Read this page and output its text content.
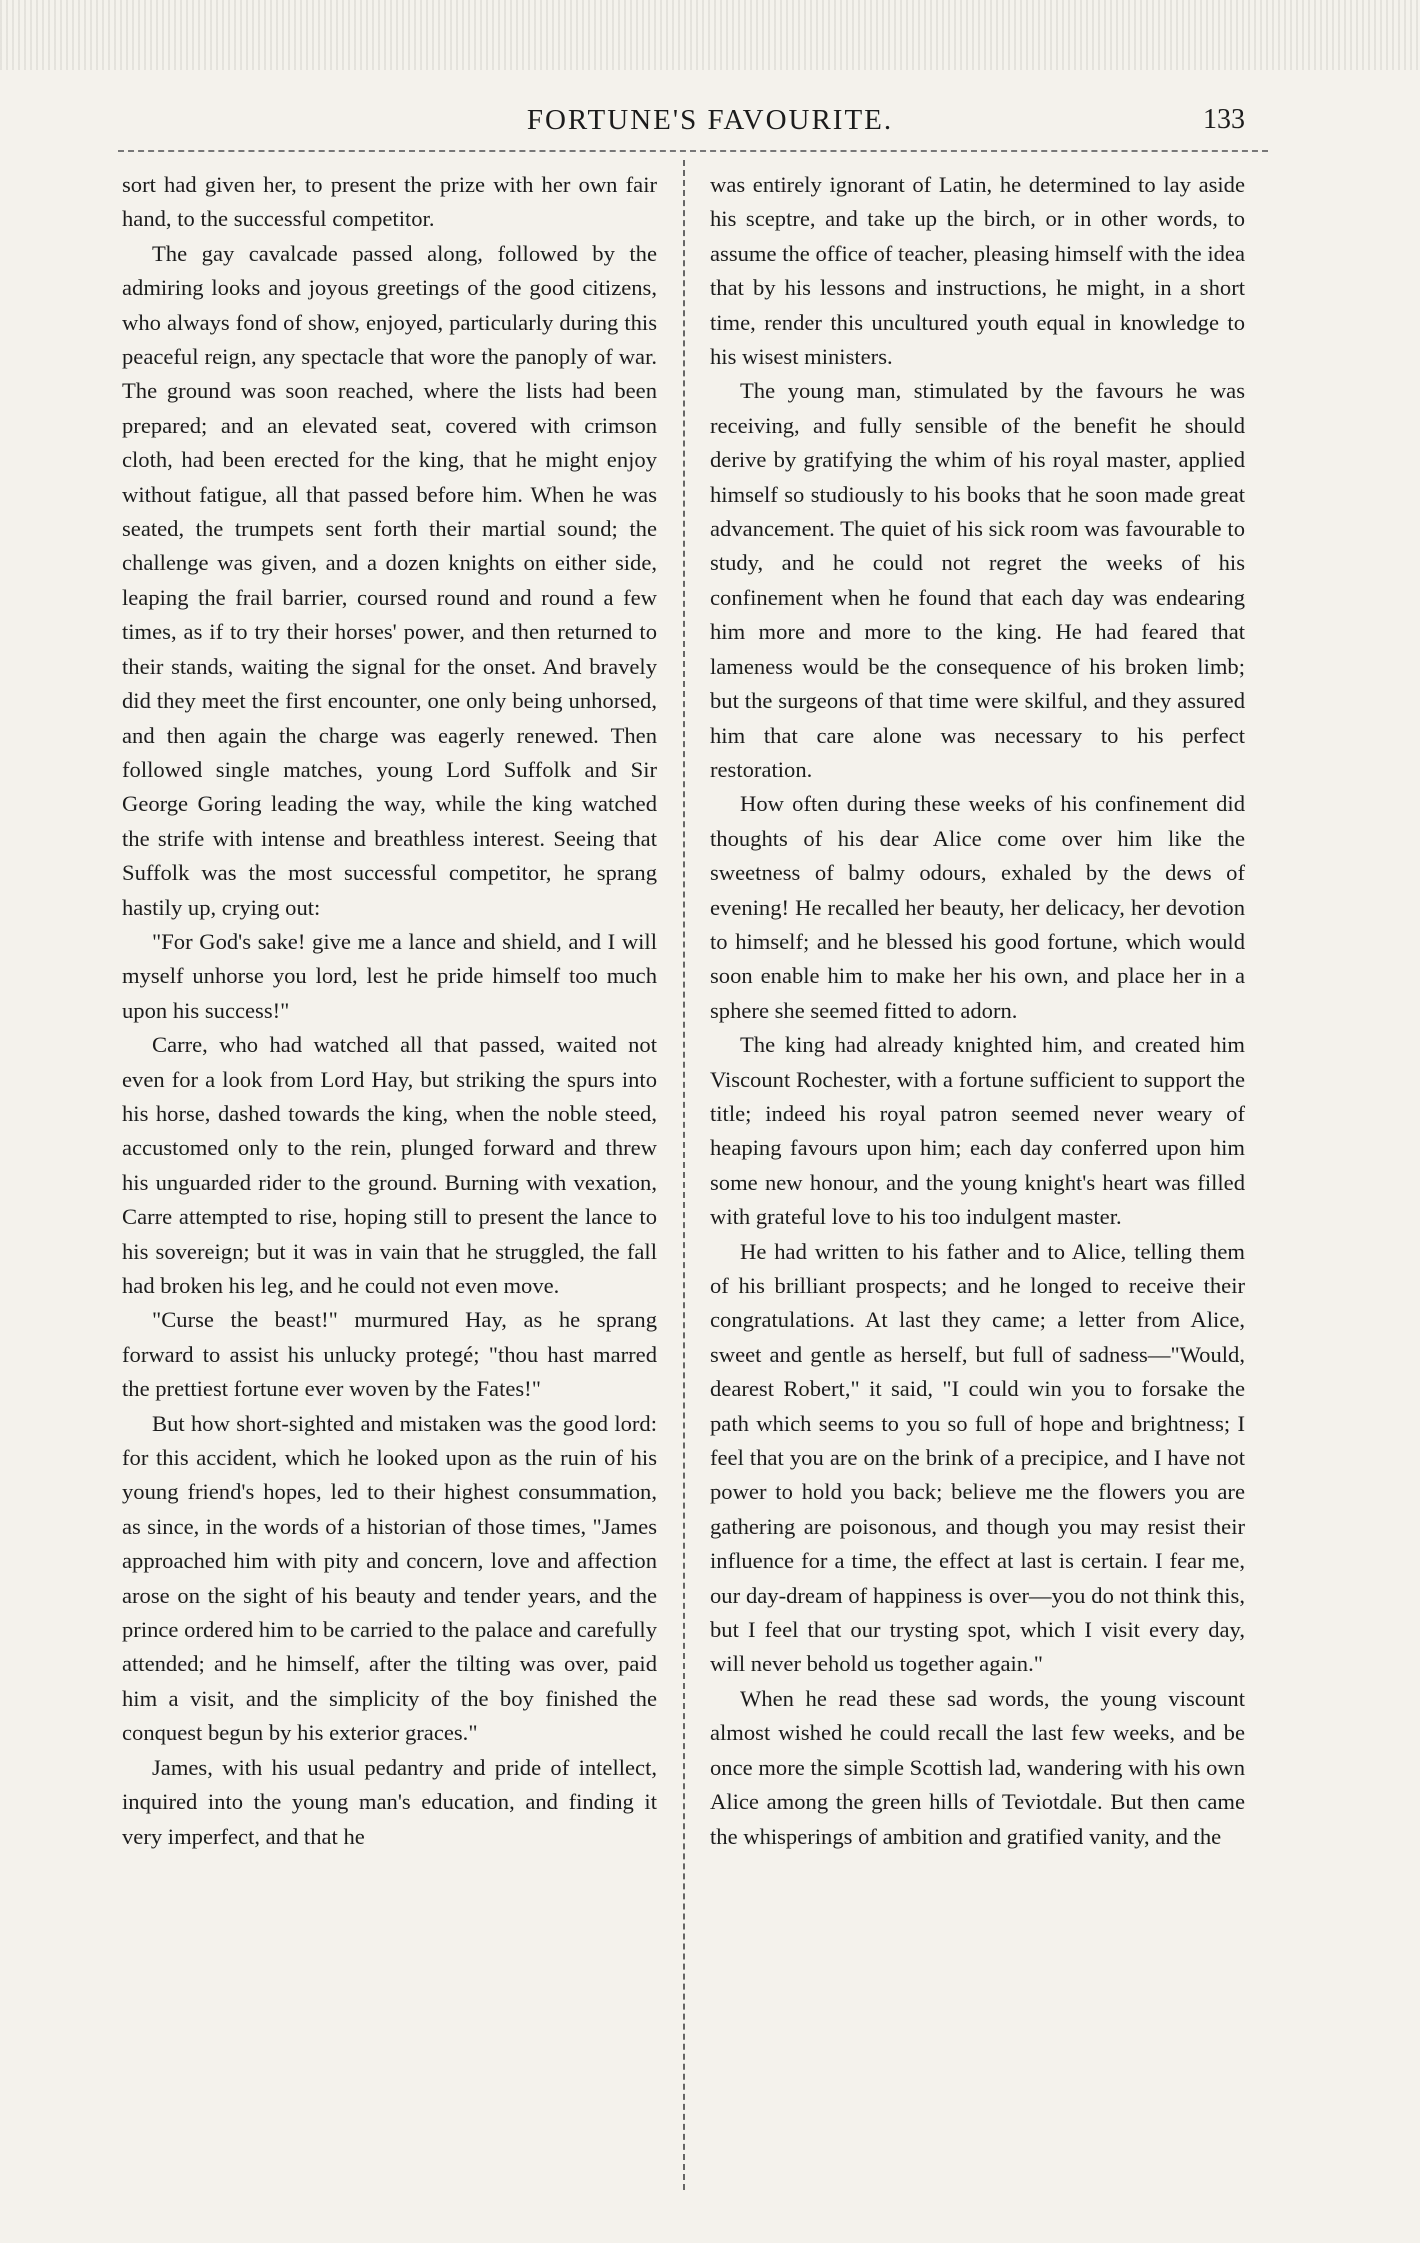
FORTUNE'S FAVOURITE.	133

sort had given her, to present the prize with her own fair hand, to the successful competitor.

The gay cavalcade passed along, followed by the admiring looks and joyous greetings of the good citizens, who always fond of show, enjoyed, particularly during this peaceful reign, any spectacle that wore the panoply of war. The ground was soon reached, where the lists had been prepared; and an elevated seat, covered with crimson cloth, had been erected for the king, that he might enjoy without fatigue, all that passed before him. When he was seated, the trumpets sent forth their martial sound; the challenge was given, and a dozen knights on either side, leaping the frail barrier, coursed round and round a few times, as if to try their horses' power, and then returned to their stands, waiting the signal for the onset. And bravely did they meet the first encounter, one only being unhorsed, and then again the charge was eagerly renewed. Then followed single matches, young Lord Suffolk and Sir George Goring leading the way, while the king watched the strife with intense and breathless interest. Seeing that Suffolk was the most successful competitor, he sprang hastily up, crying out:

"For God's sake! give me a lance and shield, and I will myself unhorse you lord, lest he pride himself too much upon his success!"

Carre, who had watched all that passed, waited not even for a look from Lord Hay, but striking the spurs into his horse, dashed towards the king, when the noble steed, accustomed only to the rein, plunged forward and threw his unguarded rider to the ground. Burning with vexation, Carre attempted to rise, hoping still to present the lance to his sovereign; but it was in vain that he struggled, the fall had broken his leg, and he could not even move.

"Curse the beast!" murmured Hay, as he sprang forward to assist his unlucky protegé; "thou hast marred the prettiest fortune ever woven by the Fates!"

But how short-sighted and mistaken was the good lord: for this accident, which he looked upon as the ruin of his young friend's hopes, led to their highest consummation, as since, in the words of a historian of those times, "James approached him with pity and concern, love and affection arose on the sight of his beauty and tender years, and the prince ordered him to be carried to the palace and carefully attended; and he himself, after the tilting was over, paid him a visit, and the simplicity of the boy finished the conquest begun by his exterior graces."

James, with his usual pedantry and pride of intellect, inquired into the young man's education, and finding it very imperfect, and that he

was entirely ignorant of Latin, he determined to lay aside his sceptre, and take up the birch, or in other words, to assume the office of teacher, pleasing himself with the idea that by his lessons and instructions, he might, in a short time, render this uncultured youth equal in knowledge to his wisest ministers.

The young man, stimulated by the favours he was receiving, and fully sensible of the benefit he should derive by gratifying the whim of his royal master, applied himself so studiously to his books that he soon made great advancement. The quiet of his sick room was favourable to study, and he could not regret the weeks of his confinement when he found that each day was endearing him more and more to the king. He had feared that lameness would be the consequence of his broken limb; but the surgeons of that time were skilful, and they assured him that care alone was necessary to his perfect restoration.

How often during these weeks of his confinement did thoughts of his dear Alice come over him like the sweetness of balmy odours, exhaled by the dews of evening! He recalled her beauty, her delicacy, her devotion to himself; and he blessed his good fortune, which would soon enable him to make her his own, and place her in a sphere she seemed fitted to adorn.

The king had already knighted him, and created him Viscount Rochester, with a fortune sufficient to support the title; indeed his royal patron seemed never weary of heaping favours upon him; each day conferred upon him some new honour, and the young knight's heart was filled with grateful love to his too indulgent master.

He had written to his father and to Alice, telling them of his brilliant prospects; and he longed to receive their congratulations. At last they came; a letter from Alice, sweet and gentle as herself, but full of sadness—"Would, dearest Robert," it said, "I could win you to forsake the path which seems to you so full of hope and brightness; I feel that you are on the brink of a precipice, and I have not power to hold you back; believe me the flowers you are gathering are poisonous, and though you may resist their influence for a time, the effect at last is certain. I fear me, our day-dream of happiness is over—you do not think this, but I feel that our trysting spot, which I visit every day, will never behold us together again."

When he read these sad words, the young viscount almost wished he could recall the last few weeks, and be once more the simple Scottish lad, wandering with his own Alice among the green hills of Teviotdale. But then came the whisperings of ambition and gratified vanity, and the
